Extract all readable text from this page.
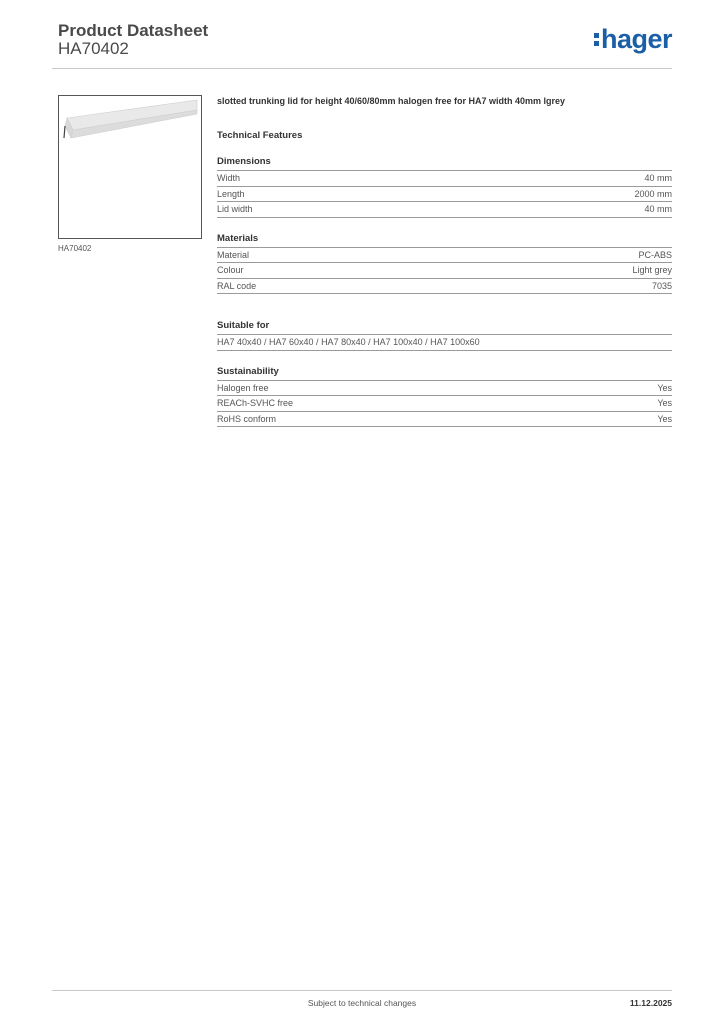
Product Datasheet
HA70402	hager
HA70402
slotted trunking lid for height 40/60/80mm halogen free for HA7 width 40mm lgrey
Technical Features
Dimensions
Width	40 mm
Length	2000 mm
Lid width	40 mm
Materials
Material	PC-ABS
Colour	Light grey
RAL code	7035
Suitable for
HA7 40x40 / HA7 60x40 / HA7 80x40 / HA7 100x40 / HA7 100x60
Sustainability
Halogen free	Yes
REACh-SVHC free	Yes
RoHS conform	Yes
Subject to technical changes	11.12.2025
